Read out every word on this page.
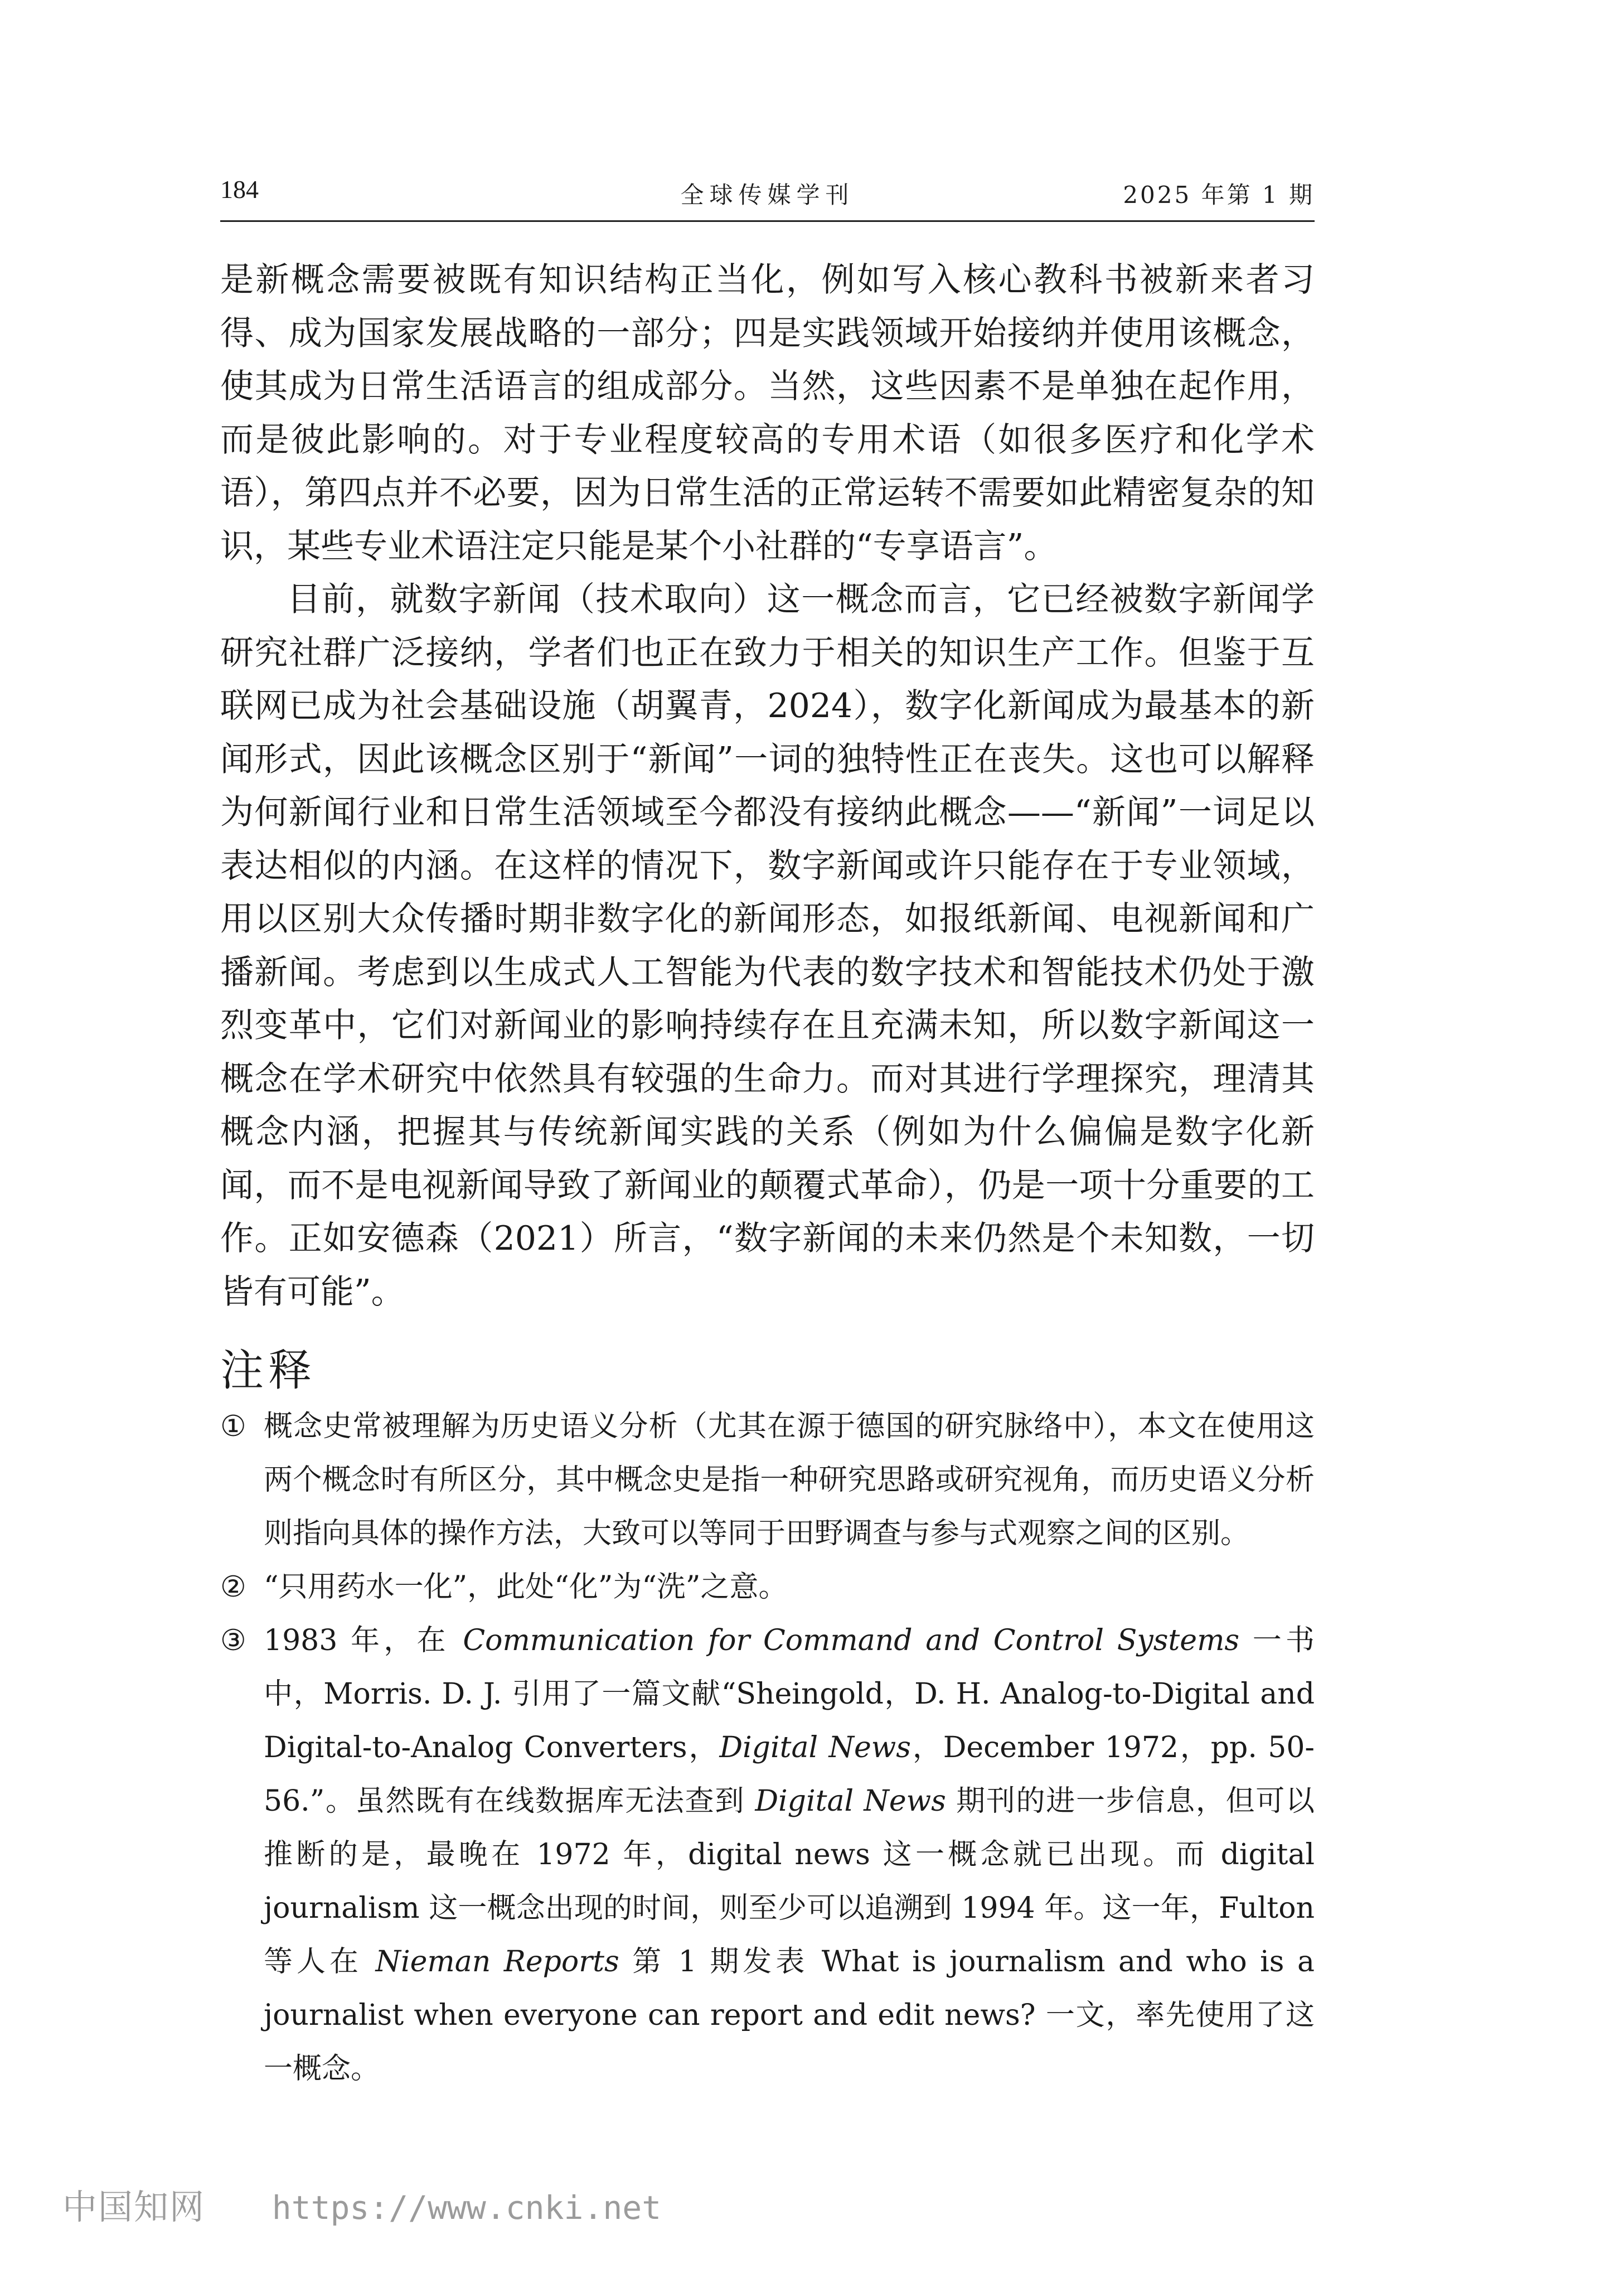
184	全球传媒学刊	2025 年第 1 期

是新概念需要被既有知识结构正当化，例如写入核心教科书被新来者习得、成为国家发展战略的一部分；四是实践领域开始接纳并使用该概念，使其成为日常生活语言的组成部分。当然，这些因素不是单独在起作用，而是彼此影响的。对于专业程度较高的专用术语（如很多医疗和化学术语），第四点并不必要，因为日常生活的正常运转不需要如此精密复杂的知识，某些专业术语注定只能是某个小社群的“专享语言”。

目前，就数字新闻（技术取向）这一概念而言，它已经被数字新闻学研究社群广泛接纳，学者们也正在致力于相关的知识生产工作。但鉴于互联网已成为社会基础设施（胡翼青，2024），数字化新闻成为最基本的新闻形式，因此该概念区别于“新闻”一词的独特性正在丧失。这也可以解释为何新闻行业和日常生活领域至今都没有接纳此概念——“新闻”一词足以表达相似的内涵。在这样的情况下，数字新闻或许只能存在于专业领域，用以区别大众传播时期非数字化的新闻形态，如报纸新闻、电视新闻和广播新闻。考虑到以生成式人工智能为代表的数字技术和智能技术仍处于激烈变革中，它们对新闻业的影响持续存在且充满未知，所以数字新闻这一概念在学术研究中依然具有较强的生命力。而对其进行学理探究，理清其概念内涵，把握其与传统新闻实践的关系（例如为什么偏偏是数字化新闻，而不是电视新闻导致了新闻业的颠覆式革命），仍是一项十分重要的工作。正如安德森（2021）所言，“数字新闻的未来仍然是个未知数，一切皆有可能”。

注释

① 概念史常被理解为历史语义分析（尤其在源于德国的研究脉络中），本文在使用这两个概念时有所区分，其中概念史是指一种研究思路或研究视角，而历史语义分析则指向具体的操作方法，大致可以等同于田野调查与参与式观察之间的区别。

② “只用药水一化”，此处“化”为“洗”之意。

③ 1983 年，在 Communication for Command and Control Systems 一书中，Morris. D. J. 引用了一篇文献“Sheingold，D. H. Analog-to-Digital and Digital-to-Analog Converters，Digital News，December 1972，pp. 50-56.”。虽然既有在线数据库无法查到 Digital News 期刊的进一步信息，但可以推断的是，最晚在 1972 年，digital news 这一概念就已出现。而 digital journalism 这一概念出现的时间，则至少可以追溯到 1994 年。这一年，Fulton 等人在 Nieman Reports 第 1 期发表 What is journalism and who is a journalist when everyone can report and edit news? 一文，率先使用了这一概念。

中国知网 https://www.cnki.net
